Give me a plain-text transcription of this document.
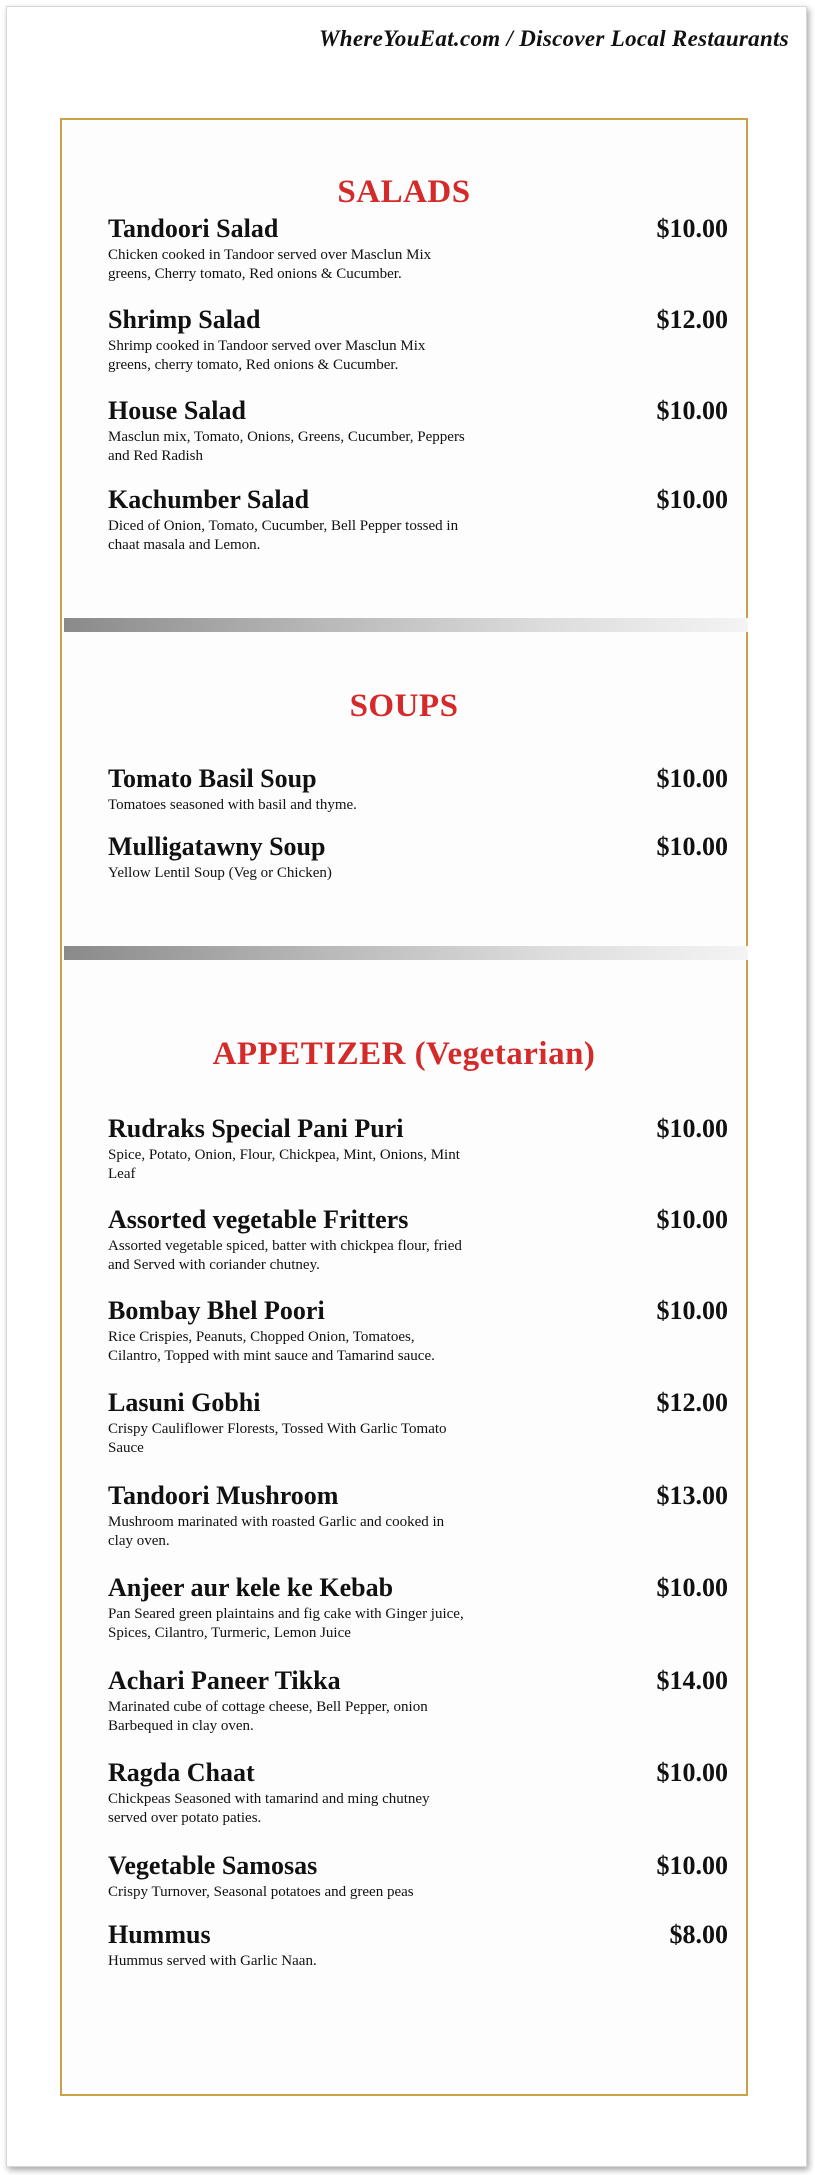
WhereYouEat.com / Discover Local Restaurants
SALADS
Tandoori Salad
Chicken cooked in Tandoor served over Masclun Mix greens, Cherry tomato, Red onions & Cucumber.
$10.00
Shrimp Salad
Shrimp cooked in Tandoor served over Masclun Mix greens, cherry tomato, Red onions & Cucumber.
$12.00
House Salad
Masclun mix, Tomato, Onions, Greens, Cucumber, Peppers and Red Radish
$10.00
Kachumber Salad
Diced of Onion, Tomato, Cucumber, Bell Pepper tossed in chaat masala and Lemon.
$10.00
SOUPS
Tomato Basil Soup
Tomatoes seasoned with basil and thyme.
$10.00
Mulligatawny Soup
Yellow Lentil Soup (Veg or Chicken)
$10.00
APPETIZER (Vegetarian)
Rudraks Special Pani Puri
Spice, Potato, Onion, Flour, Chickpea, Mint, Onions, Mint Leaf
$10.00
Assorted vegetable Fritters
Assorted vegetable spiced, batter with chickpea flour, fried and Served with coriander chutney.
$10.00
Bombay Bhel Poori
Rice Crispies, Peanuts, Chopped Onion, Tomatoes, Cilantro, Topped with mint sauce and Tamarind sauce.
$10.00
Lasuni Gobhi
Crispy Cauliflower Florests, Tossed With Garlic Tomato Sauce
$12.00
Tandoori Mushroom
Mushroom marinated with roasted Garlic and cooked in clay oven.
$13.00
Anjeer aur kele ke Kebab
Pan Seared green plaintains and fig cake with Ginger juice, Spices, Cilantro, Turmeric, Lemon Juice
$10.00
Achari Paneer Tikka
Marinated cube of cottage cheese, Bell Pepper, onion Barbequed in clay oven.
$14.00
Ragda Chaat
Chickpeas Seasoned with tamarind and ming chutney served over potato paties.
$10.00
Vegetable Samosas
Crispy Turnover, Seasonal potatoes and green peas
$10.00
Hummus
Hummus served with Garlic Naan.
$8.00
